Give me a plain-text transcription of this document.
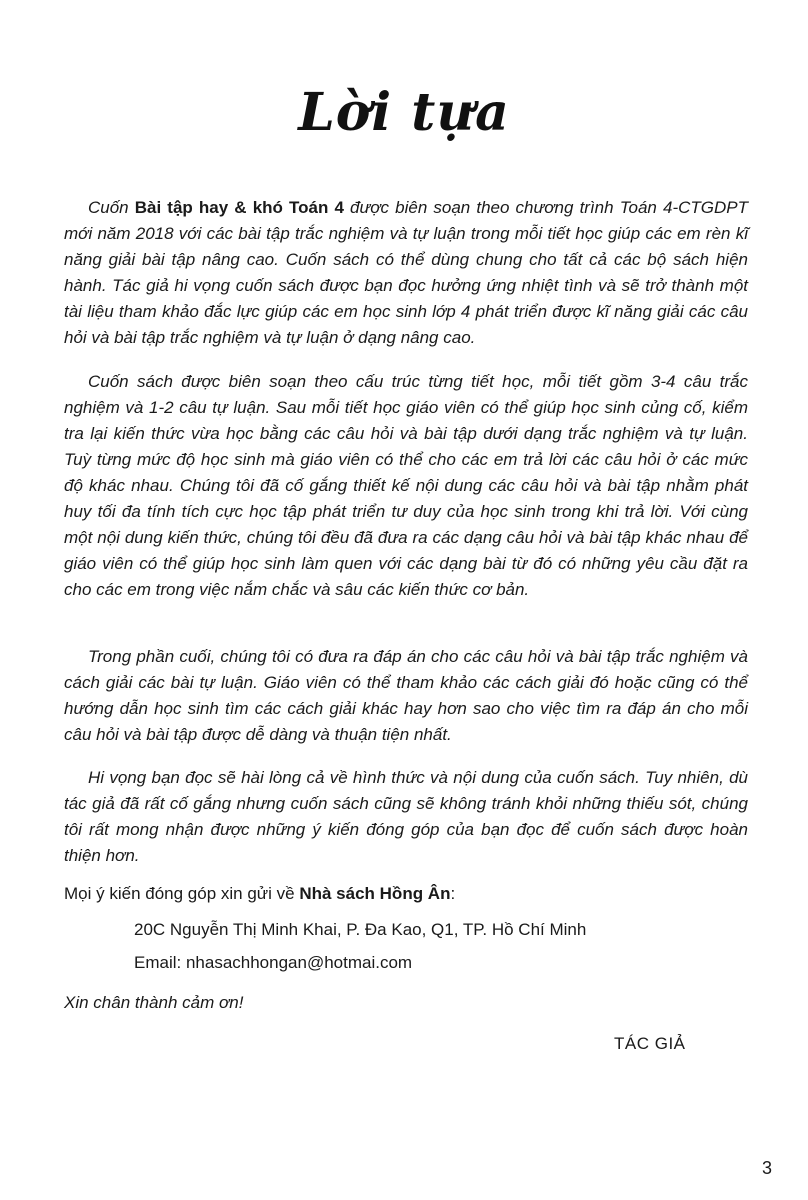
Lời tựa

Cuốn Bài tập hay & khó Toán 4 được biên soạn theo chương trình Toán 4-CTGDPT mới năm 2018 với các bài tập trắc nghiệm và tự luận trong mỗi tiết học giúp các em rèn kĩ năng giải bài tập nâng cao. Cuốn sách có thể dùng chung cho tất cả các bộ sách hiện hành. Tác giả hi vọng cuốn sách được bạn đọc hưởng ứng nhiệt tình và sẽ trở thành một tài liệu tham khảo đắc lực giúp các em học sinh lớp 4 phát triển được kĩ năng giải các câu hỏi và bài tập trắc nghiệm và tự luận ở dạng nâng cao.

Cuốn sách được biên soạn theo cấu trúc từng tiết học, mỗi tiết gồm 3-4 câu trắc nghiệm và 1-2 câu tự luận. Sau mỗi tiết học giáo viên có thể giúp học sinh củng cố, kiểm tra lại kiến thức vừa học bằng các câu hỏi và bài tập dưới dạng trắc nghiệm và tự luận. Tuỳ từng mức độ học sinh mà giáo viên có thể cho các em trả lời các câu hỏi ở các mức độ khác nhau. Chúng tôi đã cố gắng thiết kế nội dung các câu hỏi và bài tập nhằm phát huy tối đa tính tích cực học tập phát triển tư duy của học sinh trong khi trả lời. Với cùng một nội dung kiến thức, chúng tôi đều đã đưa ra các dạng câu hỏi và bài tập khác nhau để giáo viên có thể giúp học sinh làm quen với các dạng bài từ đó có những yêu cầu đặt ra cho các em trong việc nắm chắc và sâu các kiến thức cơ bản.

Trong phần cuối, chúng tôi có đưa ra đáp án cho các câu hỏi và bài tập trắc nghiệm và cách giải các bài tự luận. Giáo viên có thể tham khảo các cách giải đó hoặc cũng có thể hướng dẫn học sinh tìm các cách giải khác hay hơn sao cho việc tìm ra đáp án cho mỗi câu hỏi và bài tập được dễ dàng và thuận tiện nhất.

Hi vọng bạn đọc sẽ hài lòng cả về hình thức và nội dung của cuốn sách. Tuy nhiên, dù tác giả đã rất cố gắng nhưng cuốn sách cũng sẽ không tránh khỏi những thiếu sót, chúng tôi rất mong nhận được những ý kiến đóng góp của bạn đọc để cuốn sách được hoàn thiện hơn.

Mọi ý kiến đóng góp xin gửi về Nhà sách Hồng Ân:
20C Nguyễn Thị Minh Khai, P. Đa Kao, Q1, TP. Hồ Chí Minh
Email: nhasachhongan@hotmai.com
Xin chân thành cảm ơn!
TÁC GIẢ
3
